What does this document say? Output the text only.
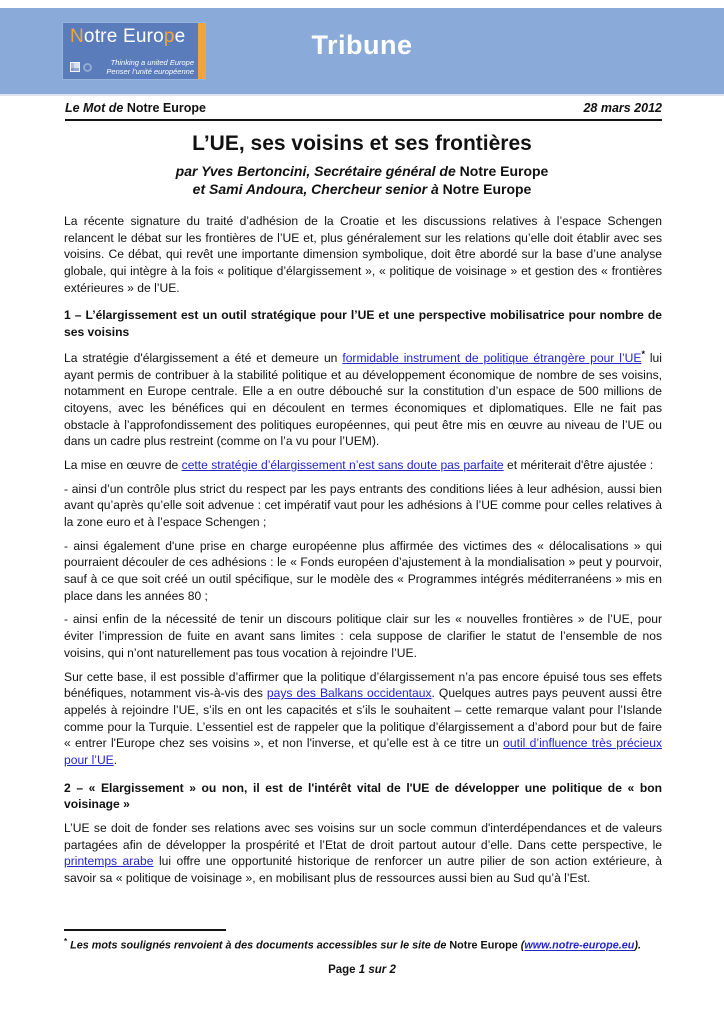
Tribune
Notre Europe
Thinking a united Europe
Penser l’unité européenne
Le Mot de Notre Europe	28 mars 2012
L’UE, ses voisins et ses frontières
par Yves Bertoncini, Secrétaire général de Notre Europe
et Sami Andoura, Chercheur senior à Notre Europe

La récente signature du traité d’adhésion de la Croatie et les discussions relatives à l’espace Schengen relancent le débat sur les frontières de l’UE et, plus généralement sur les relations qu’elle doit établir avec ses voisins. Ce débat, qui revêt une importante dimension symbolique, doit être abordé sur la base d’une analyse globale, qui intègre à la fois « politique d’élargissement », « politique de voisinage » et gestion des « frontières extérieures » de l’UE.

1 – L’élargissement est un outil stratégique pour l’UE et une perspective mobilisatrice pour nombre de ses voisins

La stratégie d'élargissement a été et demeure un formidable instrument de politique étrangère pour l’UE* lui ayant permis de contribuer à la stabilité politique et au développement économique de nombre de ses voisins, notamment en Europe centrale. Elle a en outre débouché sur la constitution d’un espace de 500 millions de citoyens, avec les bénéfices qui en découlent en termes économiques et diplomatiques. Elle ne fait pas obstacle à l’approfondissement des politiques européennes, qui peut être mis en œuvre au niveau de l’UE ou dans un cadre plus restreint (comme on l’a vu pour l’UEM).

La mise en œuvre de cette stratégie d’élargissement n’est sans doute pas parfaite et mériterait d'être ajustée :

- ainsi d’un contrôle plus strict du respect par les pays entrants des conditions liées à leur adhésion, aussi bien avant qu’après qu’elle soit advenue : cet impératif vaut pour les adhésions à l’UE comme pour celles relatives à la zone euro et à l’espace Schengen ;

- ainsi également d'une prise en charge européenne plus affirmée des victimes des « délocalisations » qui pourraient découler de ces adhésions : le « Fonds européen d’ajustement à la mondialisation » peut y pourvoir, sauf à ce que soit créé un outil spécifique, sur le modèle des « Programmes intégrés méditerranéens » mis en place dans les années 80 ;

- ainsi enfin de la nécessité de tenir un discours politique clair sur les « nouvelles frontières » de l’UE, pour éviter l’impression de fuite en avant sans limites : cela suppose de clarifier le statut de l’ensemble de nos voisins, qui n’ont naturellement pas tous vocation à rejoindre l’UE.

Sur cette base, il est possible d’affirmer que la politique d’élargissement n’a pas encore épuisé tous ses effets bénéfiques, notamment vis-à-vis des pays des Balkans occidentaux. Quelques autres pays peuvent aussi être appelés à rejoindre l’UE, s’ils en ont les capacités et s’ils le souhaitent – cette remarque valant pour l’Islande comme pour la Turquie. L’essentiel est de rappeler que la politique d’élargissement a d’abord pour but de faire « entrer l'Europe chez ses voisins », et non l'inverse, et qu’elle est à ce titre un outil d’influence très précieux pour l’UE.

2 – « Elargissement » ou non, il est de l'intérêt vital de l'UE de développer une politique de « bon voisinage »

L’UE se doit de fonder ses relations avec ses voisins sur un socle commun d'interdépendances et de valeurs partagées afin de développer la prospérité et l’Etat de droit partout autour d’elle. Dans cette perspective, le printemps arabe lui offre une opportunité historique de renforcer un autre pilier de son action extérieure, à savoir sa « politique de voisinage », en mobilisant plus de ressources aussi bien au Sud qu’à l’Est.

* Les mots soulignés renvoient à des documents accessibles sur le site de Notre Europe (www.notre-europe.eu).
Page 1 sur 2
